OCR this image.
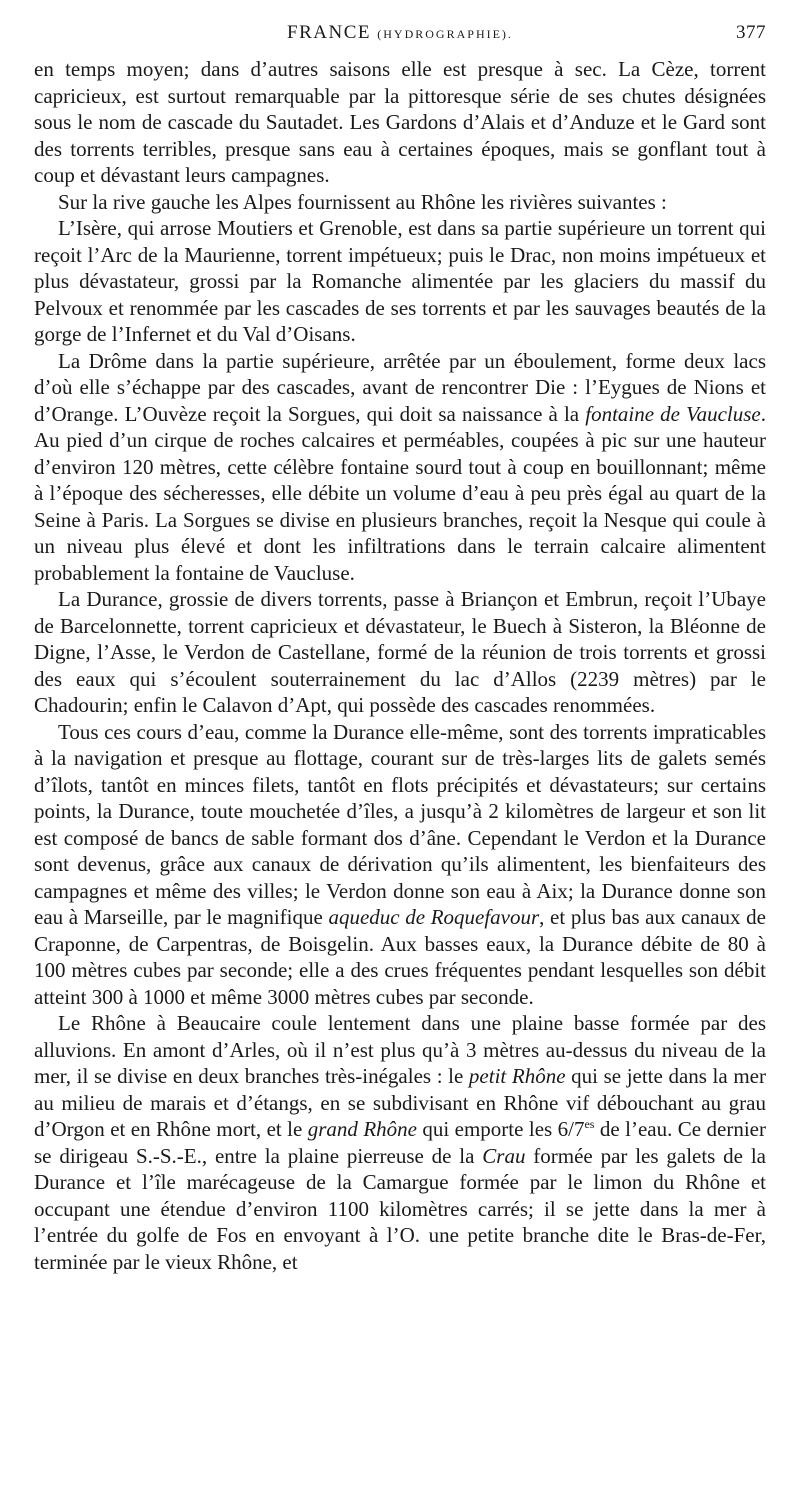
FRANCE (HYDROGRAPHIE).	377

en temps moyen; dans d’autres saisons elle est presque à sec. La Cèze, torrent capricieux, est surtout remarquable par la pittoresque série de ses chutes désignées sous le nom de cascade du Sautadet. Les Gardons d’Alais et d’Anduze et le Gard sont des torrents terribles, presque sans eau à certaines époques, mais se gonflant tout à coup et dévastant leurs campagnes.

Sur la rive gauche les Alpes fournissent au Rhône les rivières suivantes :

L’Isère, qui arrose Moutiers et Grenoble, est dans sa partie supérieure un torrent qui reçoit l’Arc de la Maurienne, torrent impétueux; puis le Drac, non moins impétueux et plus dévastateur, grossi par la Romanche alimentée par les glaciers du massif du Pelvoux et renommée par les cascades de ses torrents et par les sauvages beautés de la gorge de l’Infernet et du Val d’Oisans.

La Drôme dans la partie supérieure, arrêtée par un éboulement, forme deux lacs d’où elle s’échappe par des cascades, avant de rencontrer Die : l’Eygues de Nions et d’Orange. L’Ouvèze reçoit la Sorgues, qui doit sa naissance à la fontaine de Vaucluse. Au pied d’un cirque de roches calcaires et perméables, coupées à pic sur une hauteur d’environ 120 mètres, cette célèbre fontaine sourd tout à coup en bouillonnant; même à l’époque des sécheresses, elle débite un volume d’eau à peu près égal au quart de la Seine à Paris. La Sorgues se divise en plusieurs branches, reçoit la Nesque qui coule à un niveau plus élevé et dont les infiltrations dans le terrain calcaire alimentent probablement la fontaine de Vaucluse.

La Durance, grossie de divers torrents, passe à Briançon et Embrun, reçoit l’Ubaye de Barcelonnette, torrent capricieux et dévastateur, le Buech à Sisteron, la Bléonne de Digne, l’Asse, le Verdon de Castellane, formé de la réunion de trois torrents et grossi des eaux qui s’écoulent souterrainement du lac d’Allos (2239 mètres) par le Chadourin; enfin le Calavon d’Apt, qui possède des cascades renommées.

Tous ces cours d’eau, comme la Durance elle-même, sont des torrents impraticables à la navigation et presque au flottage, courant sur de très-larges lits de galets semés d’îlots, tantôt en minces filets, tantôt en flots précipités et dévastateurs; sur certains points, la Durance, toute mouchetée d’îles, a jusqu’à 2 kilomètres de largeur et son lit est composé de bancs de sable formant dos d’âne. Cependant le Verdon et la Durance sont devenus, grâce aux canaux de dérivation qu’ils alimentent, les bienfaiteurs des campagnes et même des villes; le Verdon donne son eau à Aix; la Durance donne son eau à Marseille, par le magnifique aqueduc de Roquefavour, et plus bas aux canaux de Craponne, de Carpentras, de Boisgelin. Aux basses eaux, la Durance débite de 80 à 100 mètres cubes par seconde; elle a des crues fréquentes pendant lesquelles son débit atteint 300 à 1000 et même 3000 mètres cubes par seconde.

Le Rhône à Beaucaire coule lentement dans une plaine basse formée par des alluvions. En amont d’Arles, où il n’est plus qu’à 3 mètres au-dessus du niveau de la mer, il se divise en deux branches très-inégales : le petit Rhône qui se jette dans la mer au milieu de marais et d’étangs, en se subdivisant en Rhône vif débouchant au grau d’Orgon et en Rhône mort, et le grand Rhône qui emporte les $6/7^{es}$ de l’eau. Ce dernier se dirigeau S.-S.-E., entre la plaine pierreuse de la Crau formée par les galets de la Durance et l’île marécageuse de la Camargue formée par le limon du Rhône et occupant une étendue d’environ 1100 kilomètres carrés; il se jette dans la mer à l’entrée du golfe de Fos en envoyant à l’O. une petite branche dite le Bras-de-Fer, terminée par le vieux Rhône, et
